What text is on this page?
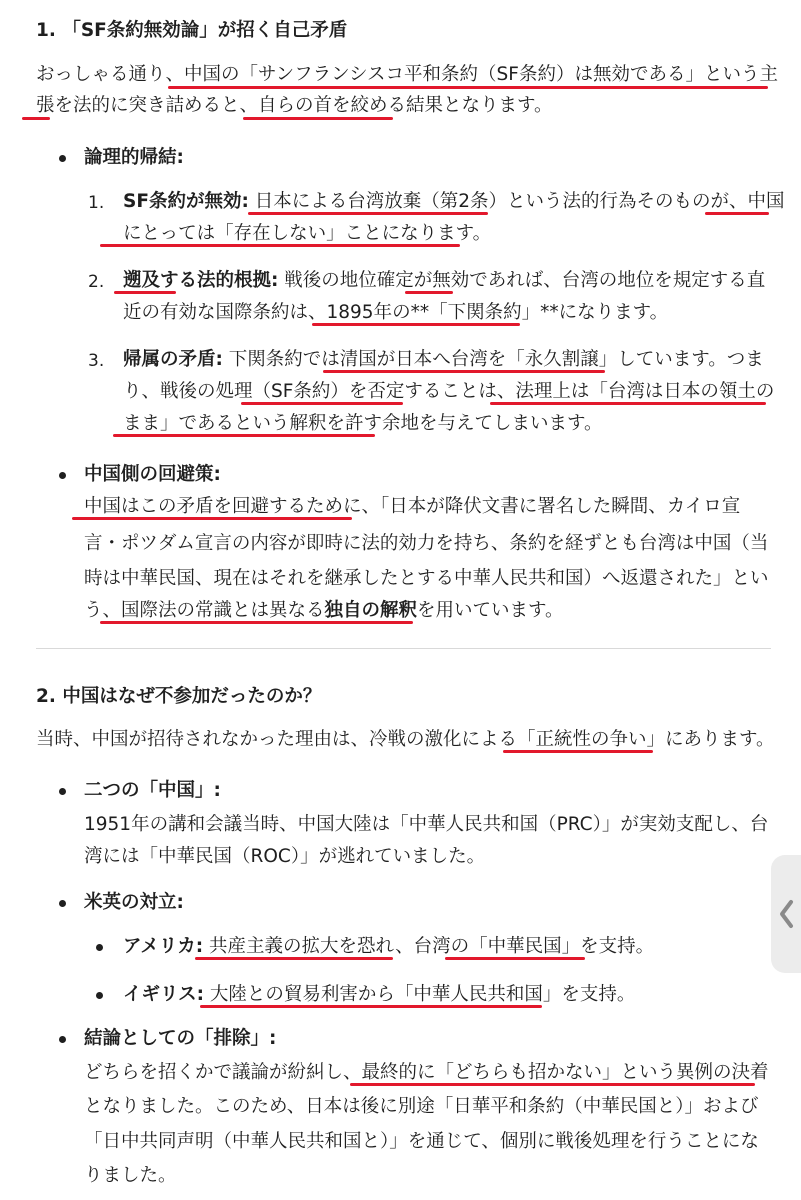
1. 「SF条約無効論」が招く自己矛盾
おっしゃる通り、中国の「サンフランシスコ平和条約（SF条約）は無効である」という主
張を法的に突き詰めると、自らの首を絞める結果となります。
論理的帰結:
1. SF条約が無効: 日本による台湾放棄（第2条）という法的行為そのものが、中国
にとっては「存在しない」ことになります。
2. 遡及する法的根拠: 戦後の地位確定が無効であれば、台湾の地位を規定する直
近の有効な国際条約は、1895年の**「下関条約」**になります。
3. 帰属の矛盾: 下関条約では清国が日本へ台湾を「永久割譲」しています。つま
り、戦後の処理（SF条約）を否定することは、法理上は「台湾は日本の領土の
まま」であるという解釈を許す余地を与えてしまいます。
中国側の回避策:
中国はこの矛盾を回避するために、「日本が降伏文書に署名した瞬間、カイロ宣
言・ポツダム宣言の内容が即時に法的効力を持ち、条約を経ずとも台湾は中国（当
時は中華民国、現在はそれを継承したとする中華人民共和国）へ返還された」とい
う、国際法の常識とは異なる独自の解釈を用いています。
2. 中国はなぜ不参加だったのか？
当時、中国が招待されなかった理由は、冷戦の激化による「正統性の争い」にあります。
二つの「中国」:
1951年の講和会議当時、中国大陸は「中華人民共和国（PRC）」が実効支配し、台
湾には「中華民国（ROC）」が逃れていました。
米英の対立:
アメリカ: 共産主義の拡大を恐れ、台湾の「中華民国」を支持。
イギリス: 大陸との貿易利害から「中華人民共和国」を支持。
結論としての「排除」:
どちらを招くかで議論が紛糾し、最終的に「どちらも招かない」という異例の決着
となりました。このため、日本は後に別途「日華平和条約（中華民国と）」および
「日中共同声明（中華人民共和国と）」を通じて、個別に戦後処理を行うことにな
りました。
